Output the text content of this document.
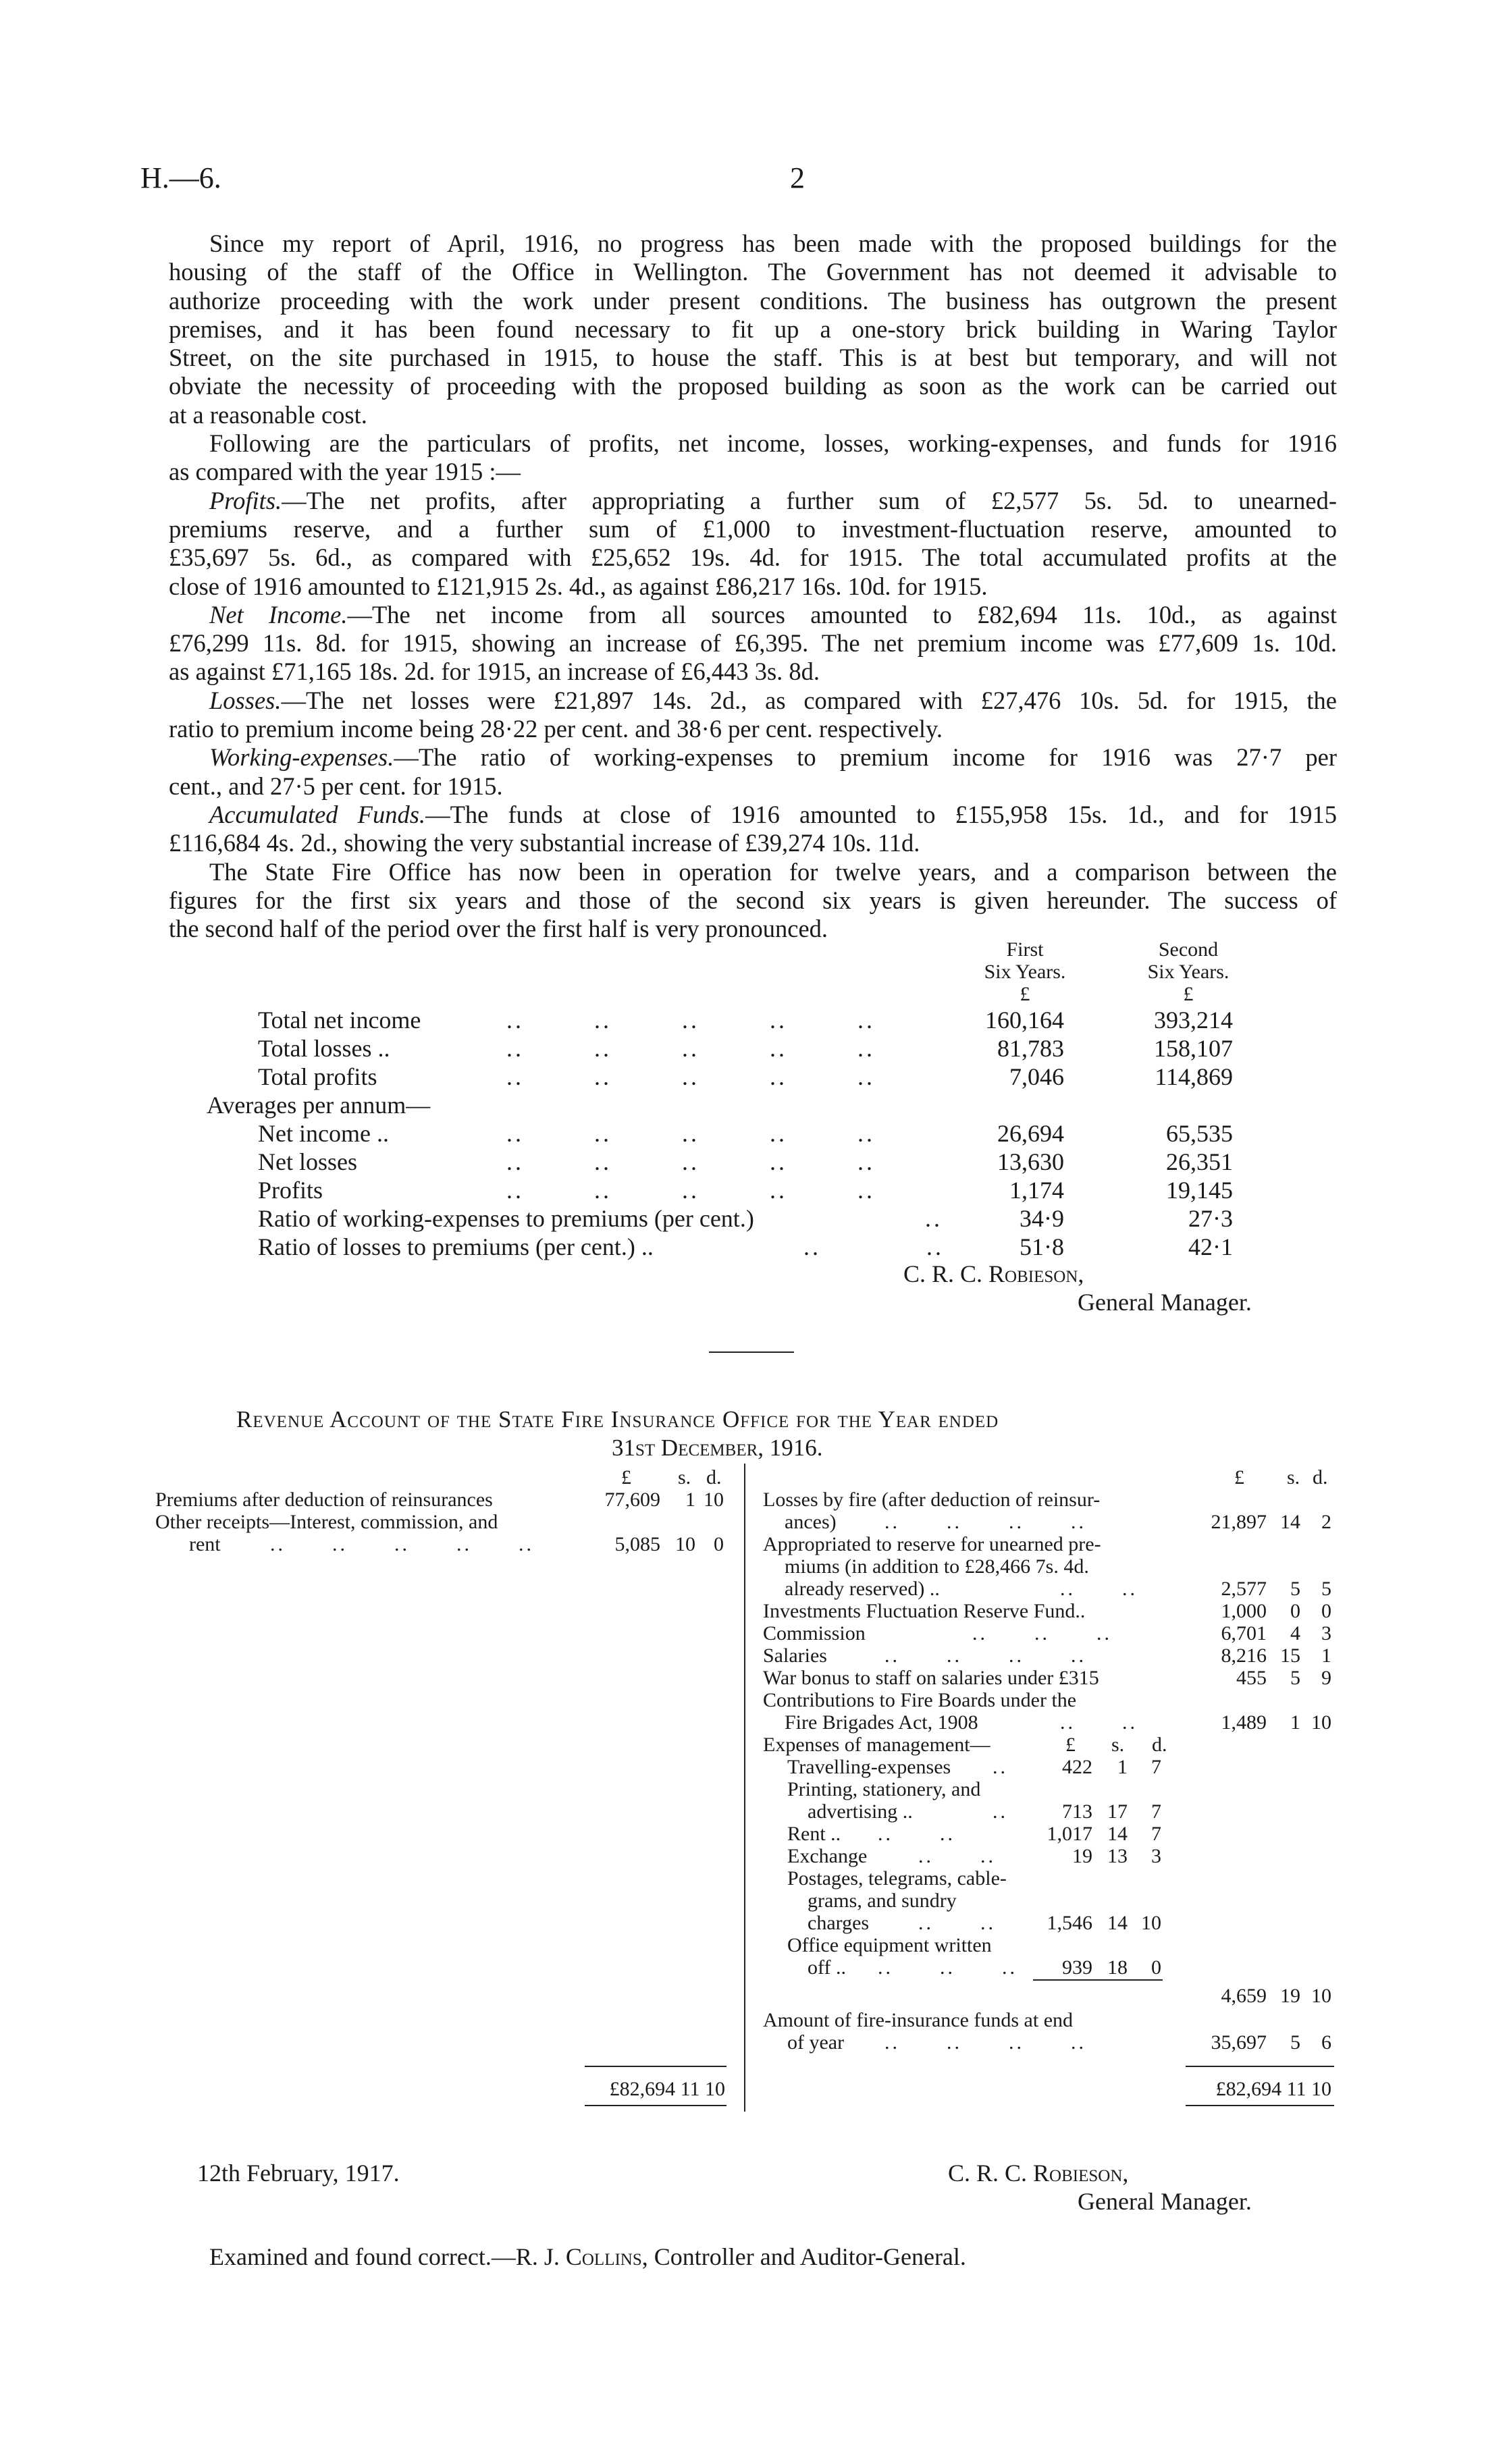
H.—6.	2

Since my report of April, 1916, no progress has been made with the proposed buildings for the

housing of the staff of the Office in Wellington. The Government has not deemed it advisable to

authorize proceeding with the work under present conditions. The business has outgrown the present

premises, and it has been found necessary to fit up a one-story brick building in Waring Taylor

Street, on the site purchased in 1915, to house the staff. This is at best but temporary, and will not

obviate the necessity of proceeding with the proposed building as soon as the work can be carried out

at a reasonable cost.

Following are the particulars of profits, net income, losses, working-expenses, and funds for 1916

as compared with the year 1915 :—

Profits.—The net profits, after appropriating a further sum of £2,577 5s. 5d. to unearned-

premiums reserve, and a further sum of £1,000 to investment-fluctuation reserve, amounted to

£35,697 5s. 6d., as compared with £25,652 19s. 4d. for 1915. The total accumulated profits at the

close of 1916 amounted to £121,915 2s. 4d., as against £86,217 16s. 10d. for 1915.

Net Income.—The net income from all sources amounted to £82,694 11s. 10d., as against

£76,299 11s. 8d. for 1915, showing an increase of £6,395. The net premium income was £77,609 1s. 10d.

as against £71,165 18s. 2d. for 1915, an increase of £6,443 3s. 8d.

Losses.—The net losses were £21,897 14s. 2d., as compared with £27,476 10s. 5d. for 1915, the

ratio to premium income being 28·22 per cent. and 38·6 per cent. respectively.

Working-expenses.—The ratio of working-expenses to premium income for 1916 was 27·7 per

cent., and 27·5 per cent. for 1915.

Accumulated Funds.—The funds at close of 1916 amounted to £155,958 15s. 1d., and for 1915

£116,684 4s. 2d., showing the very substantial increase of £39,274 10s. 11d.

The State Fire Office has now been in operation for twelve years, and a comparison between the

figures for the first six years and those of the second six years is given hereunder. The success of

the second half of the period over the first half is very pronounced.

First
Six Years.
£
Second
Six Years.
£
Total net income	..        ..        ..        ..        ..	160,164	393,214
Total losses ..	..        ..        ..        ..        ..	81,783	158,107
Total profits	..        ..        ..        ..        ..	7,046	114,869
Averages per annum—
Net income ..	..        ..        ..        ..        ..	26,694	65,535
Net losses	..        ..        ..        ..        ..	13,630	26,351
Profits	..        ..        ..        ..        ..	1,174	19,145
Ratio of working-expenses to premiums (per cent.)	..	34·9	27·3
Ratio of losses to premiums (per cent.) ..	..            ..	51·8	42·1
C. R. C. Robieson,
General Manager.
Revenue Account of the State Fire Insurance Office for the Year ended
31st December, 1916.
£ s. d.
Premiums after deduction of reinsurances	77,609	1 10
Other receipts—Interest, commission, and
rent ..      ..      ..      ..      ..	5,085 10 0
£82,694 11 10
£ s. d.
Losses by fire (after deduction of reinsur-
ances) ..      ..      ..      ..	21,897 14	2
Appropriated to reserve for unearned pre-
miums (in addition to £28,466 7s. 4d.
already reserved) ..	..      ..	2,577	5	5
Investments Fluctuation Reserve Fund..	1,000	0	0
Commission	..      ..      ..	6,701	4	3
Salaries	..      ..      ..      ..	8,216 15	1
War bonus to staff on salaries under £315	455	5	9
Contributions to Fire Boards under the
Fire Brigades Act, 1908	..      ..	1,489	1 10
Expenses of management—	£ s. d.
Travelling-expenses ..	422	1	7
Printing, stationery, and
advertising ..	..	713 17	7
Rent .. ..      ..	1,017 14	7
Exchange	..      ..	19 13	3
Postages, telegrams, cable-
grams, and sundry
charges ..      ..	1,546 14 10
Office equipment written
off .. ..      ..      ..	939 18	0
4,659 19 10
Amount of fire-insurance funds at end
of year ..      ..      ..      ..	35,697	5	6
£82,694 11 10
12th February, 1917.	C. R. C. Robieson,
General Manager.
Examined and found correct.—R. J. Collins, Controller and Auditor-General.
